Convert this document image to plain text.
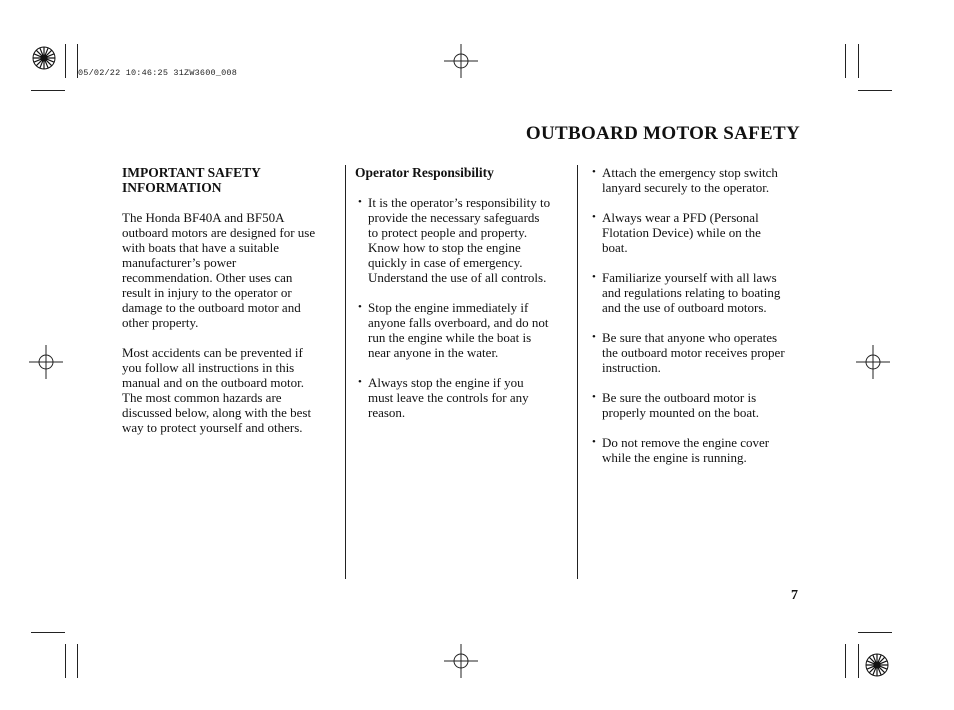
05/02/22 10:46:25 31ZW3600_008
OUTBOARD MOTOR SAFETY
IMPORTANT SAFETY
INFORMATION
The Honda BF40A and BF50A
outboard motors are designed for use
with boats that have a suitable
manufacturer’s power
recommendation. Other uses can
result in injury to the operator or
damage to the outboard motor and
other property.
Most accidents can be prevented if
you follow all instructions in this
manual and on the outboard motor.
The most common hazards are
discussed below, along with the best
way to protect yourself and others.
Operator Responsibility
• It is the operator’s responsibility to
provide the necessary safeguards
to protect people and property.
Know how to stop the engine
quickly in case of emergency.
Understand the use of all controls.
• Stop the engine immediately if
anyone falls overboard, and do not
run the engine while the boat is
near anyone in the water.
• Always stop the engine if you
must leave the controls for any
reason.
• Attach the emergency stop switch
lanyard securely to the operator.
• Always wear a PFD (Personal
Flotation Device) while on the
boat.
• Familiarize yourself with all laws
and regulations relating to boating
and the use of outboard motors.
• Be sure that anyone who operates
the outboard motor receives proper
instruction.
• Be sure the outboard motor is
properly mounted on the boat.
• Do not remove the engine cover
while the engine is running.
7
